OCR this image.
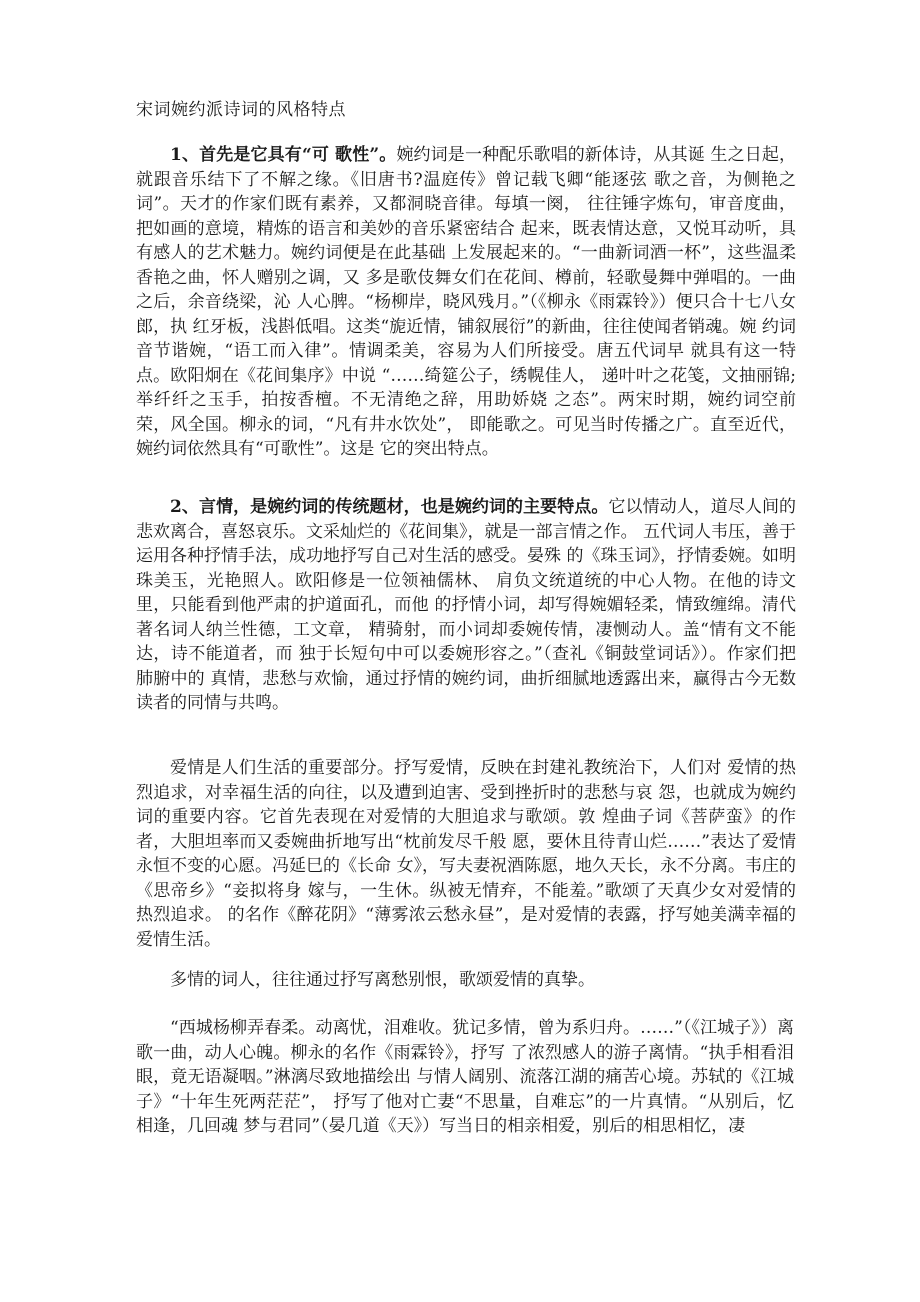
宋词婉约派诗词的风格特点

1、首先是它具有“可 歌性”。婉约词是一种配乐歌唱的新体诗，从其诞 生之日起，就跟音乐结下了不解之缘。《旧唐书?温庭传》曾记载飞卿“能逐弦 歌之音，为侧艳之词”。天才的作家们既有素养，又都洞晓音律。每填一阕， 往往锤字炼句，审音度曲，把如画的意境，精炼的语言和美妙的音乐紧密结合 起来，既表情达意，又悦耳动听，具有感人的艺术魅力。婉约词便是在此基础 上发展起来的。“一曲新词酒一杯”，这些温柔香艳之曲，怀人赠别之调，又 多是歌伎舞女们在花间、樽前，轻歌曼舞中弹唱的。一曲之后，余音绕梁，沁 人心脾。“杨柳岸，晓风残月。”（《柳永《雨霖铃》）便只合十七八女郎，执 红牙板，浅斟低唱。这类“旎近情，铺叙展衍”的新曲，往往使闻者销魂。婉 约词音节谐婉，“语工而入律”。情调柔美，容易为人们所接受。唐五代词早 就具有这一特点。欧阳炯在《花间集序》中说 “……绮筵公子，绣幌佳人， 递叶叶之花笺，文抽丽锦;举纤纤之玉手，拍按香檀。不无清绝之辞，用助娇娆 之态”。两宋时期，婉约词空前荣，风全国。柳永的词，“凡有井水饮处”， 即能歌之。可见当时传播之广。直至近代，婉约词依然具有“可歌性”。这是 它的突出特点。

2、言情，是婉约词的传统题材，也是婉约词的主要特点。它以情动人，道尽人间的悲欢离合，喜怒哀乐。文采灿烂的《花间集》，就是一部言情之作。 五代词人韦压，善于运用各种抒情手法，成功地抒写自己对生活的感受。晏殊 的《珠玉词》，抒情委婉。如明珠美玉，光艳照人。欧阳修是一位领袖儒林、 肩负文统道统的中心人物。在他的诗文里，只能看到他严肃的护道面孔，而他 的抒情小词，却写得婉媚轻柔，情致缠绵。清代著名词人纳兰性德，工文章， 精骑射，而小词却委婉传情，凄恻动人。盖“情有文不能达，诗不能道者，而 独于长短句中可以委婉形容之。”（查礼《铜鼓堂词话》）。作家们把肺腑中的 真情，悲愁与欢愉，通过抒情的婉约词，曲折细腻地透露出来，赢得古今无数 读者的同情与共鸣。

爱情是人们生活的重要部分。抒写爱情，反映在封建礼教统治下，人们对 爱情的热烈追求，对幸福生活的向往，以及遭到迫害、受到挫折时的悲愁与哀 怨，也就成为婉约词的重要内容。它首先表现在对爱情的大胆追求与歌颂。敦 煌曲子词《菩萨蛮》的作者，大胆坦率而又委婉曲折地写出“枕前发尽千般 愿，要休且待青山烂……”表达了爱情永恒不变的心愿。冯延巳的《长命 女》，写夫妻祝酒陈愿，地久天长，永不分离。韦庄的《思帝乡》“妾拟将身 嫁与，一生休。纵被无情弃，不能羞。”歌颂了天真少女对爱情的热烈追求。 的名作《醉花阴》“薄雾浓云愁永昼”，是对爱情的表露，抒写她美满幸福的 爱情生活。

多情的词人，往往通过抒写离愁别恨，歌颂爱情的真挚。

“西城杨柳弄春柔。动离忧，泪难收。犹记多情，曾为系归舟。……”（《江城子》）离歌一曲，动人心魄。柳永的名作《雨霖铃》，抒写 了浓烈感人的游子离情。“执手相看泪眼，竟无语凝咽。”淋漓尽致地描绘出 与情人阔别、流落江湖的痛苦心境。苏轼的《江城子》“十年生死两茫茫”， 抒写了他对亡妻“不思量，自难忘”的一片真情。“从别后，忆相逢，几回魂 梦与君同”（晏几道《天》）写当日的相亲相爱，别后的相思相忆，凄
